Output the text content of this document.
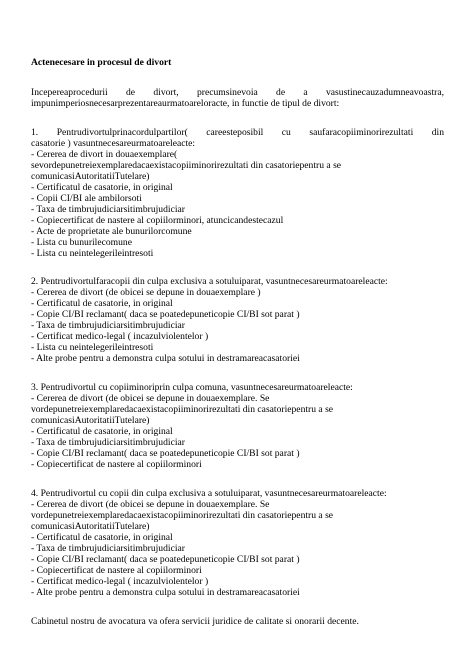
Actenecesare in procesul de divort
Incepereaprocedurii de divort, precumsinevoia de a vasustinecauzadumneavoastra,
impunimperiosnecesarprezentareaurmatoareloracte, in functie de tipul de divort:
1. Pentrudivortulprinacordulpartilor( careesteposibil cu saufaracopiiminorirezultati din
casatorie ) vasuntnecesareurmatoareleacte:
- Cererea de divort in douaexemplare(
sevordepunetreiexemplaredacaexistacopiiminorirezultati din casatoriepentru a se
comunicasiAutoritatiiTutelare)
- Certificatul de casatorie, in original
- Copii CI/BI ale ambilorsoti
- Taxa de timbrujudiciarsitimbrujudiciar
- Copiecertificat de nastere al copiilorminori, atuncicandestecazul
- Acte de proprietate ale bunurilorcomune
- Lista cu bunurilecomune
- Lista cu neintelegerileintresoti
2. Pentrudivortulfaracopii din culpa exclusiva a sotuluiparat, vasuntnecesareurmatoareleacte:
- Cererea de divort (de obicei se depune in douaexemplare )
- Certificatul de casatorie, in original
- Copie CI/BI reclamant( daca se poatedepuneticopie CI/BI sot parat )
- Taxa de timbrujudiciarsitimbrujudiciar
- Certificat medico-legal ( incazulviolentelor )
- Lista cu neintelegerileintresoti
- Alte probe pentru a demonstra culpa sotului in destramareacasatoriei
3. Pentrudivortul cu copiiminoriprin culpa comuna, vasuntnecesareurmatoareleacte:
- Cererea de divort (de obicei se depune in douaexemplare. Se
vordepunetreiexemplaredacaexistacopiiminorirezultati din casatoriepentru a se
comunicasiAutoritatiiTutelare)
- Certificatul de casatorie, in original
- Taxa de timbrujudiciarsitimbrujudiciar
- Copie CI/BI reclamant( daca se poatedepuneticopie CI/BI sot parat )
- Copiecertificat de nastere al copiilorminori
4. Pentrudivortul cu copii din culpa exclusiva a sotuluiparat, vasuntnecesareurmatoareleacte:
- Cererea de divort (de obicei se depune in douaexemplare. Se
vordepunetreiexemplaredacaexistacopiiminorirezultati din casatoriepentru a se
comunicasiAutoritatiiTutelare)
- Certificatul de casatorie, in original
- Taxa de timbrujudiciarsitimbrujudiciar
- Copie CI/BI reclamant( daca se poatedepuneticopie CI/BI sot parat )
- Copiecertificat de nastere al copiilorminori
- Certificat medico-legal ( incazulviolentelor )
- Alte probe pentru a demonstra culpa sotului in destramareacasatoriei
Cabinetul nostru de avocatura va ofera servicii juridice de calitate si onorarii decente.
